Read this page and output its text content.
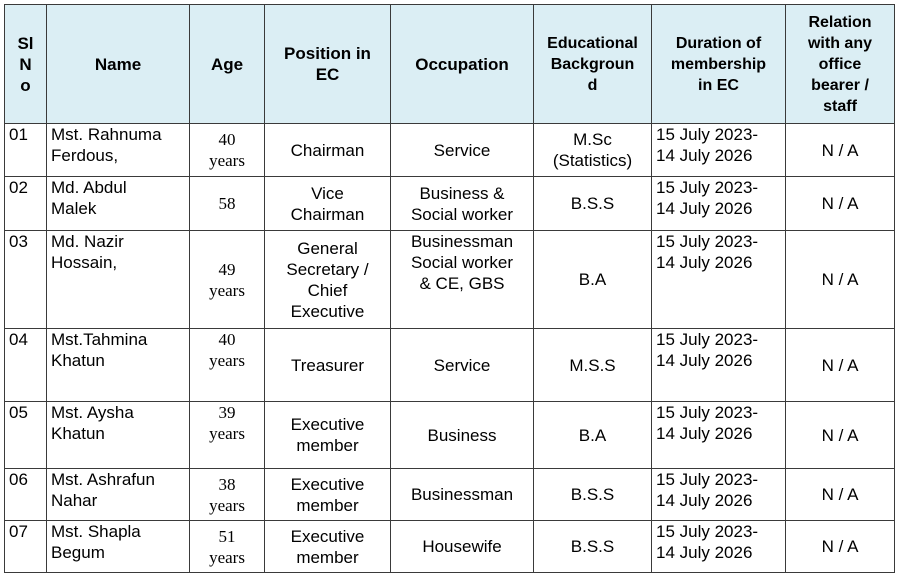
Sl
N
o	Name	Age	Position in
EC	Occupation	Educational
Backgroun
d	Duration of
membership
in EC	Relation
with any
office
bearer /
staff

01	Mst. Rahnuma
Ferdous,	40
years	Chairman	Service	M.Sc
(Statistics)	15 July 2023-
14 July 2026	N / A

02	Md. Abdul
Malek	58	Vice
Chairman	Business &
Social worker	B.S.S	15 July 2023-
14 July 2026	N / A

03	Md. Nazir
Hossain,	49
years	General
Secretary /
Chief
Executive	Businessman
Social worker
& CE, GBS	B.A	15 July 2023-
14 July 2026	N / A

04	Mst.Tahmina
Khatun	40
years	Treasurer	Service	M.S.S	15 July 2023-
14 July 2026	N / A

05	Mst. Aysha
Khatun	39
years	Executive
member	Business	B.A	15 July 2023-
14 July 2026	N / A

06	Mst. Ashrafun
Nahar	38
years	Executive
member	Businessman	B.S.S	15 July 2023-
14 July 2026	N / A

07	Mst. Shapla
Begum	51
years	Executive
member	Housewife	B.S.S	15 July 2023-
14 July 2026	N / A
